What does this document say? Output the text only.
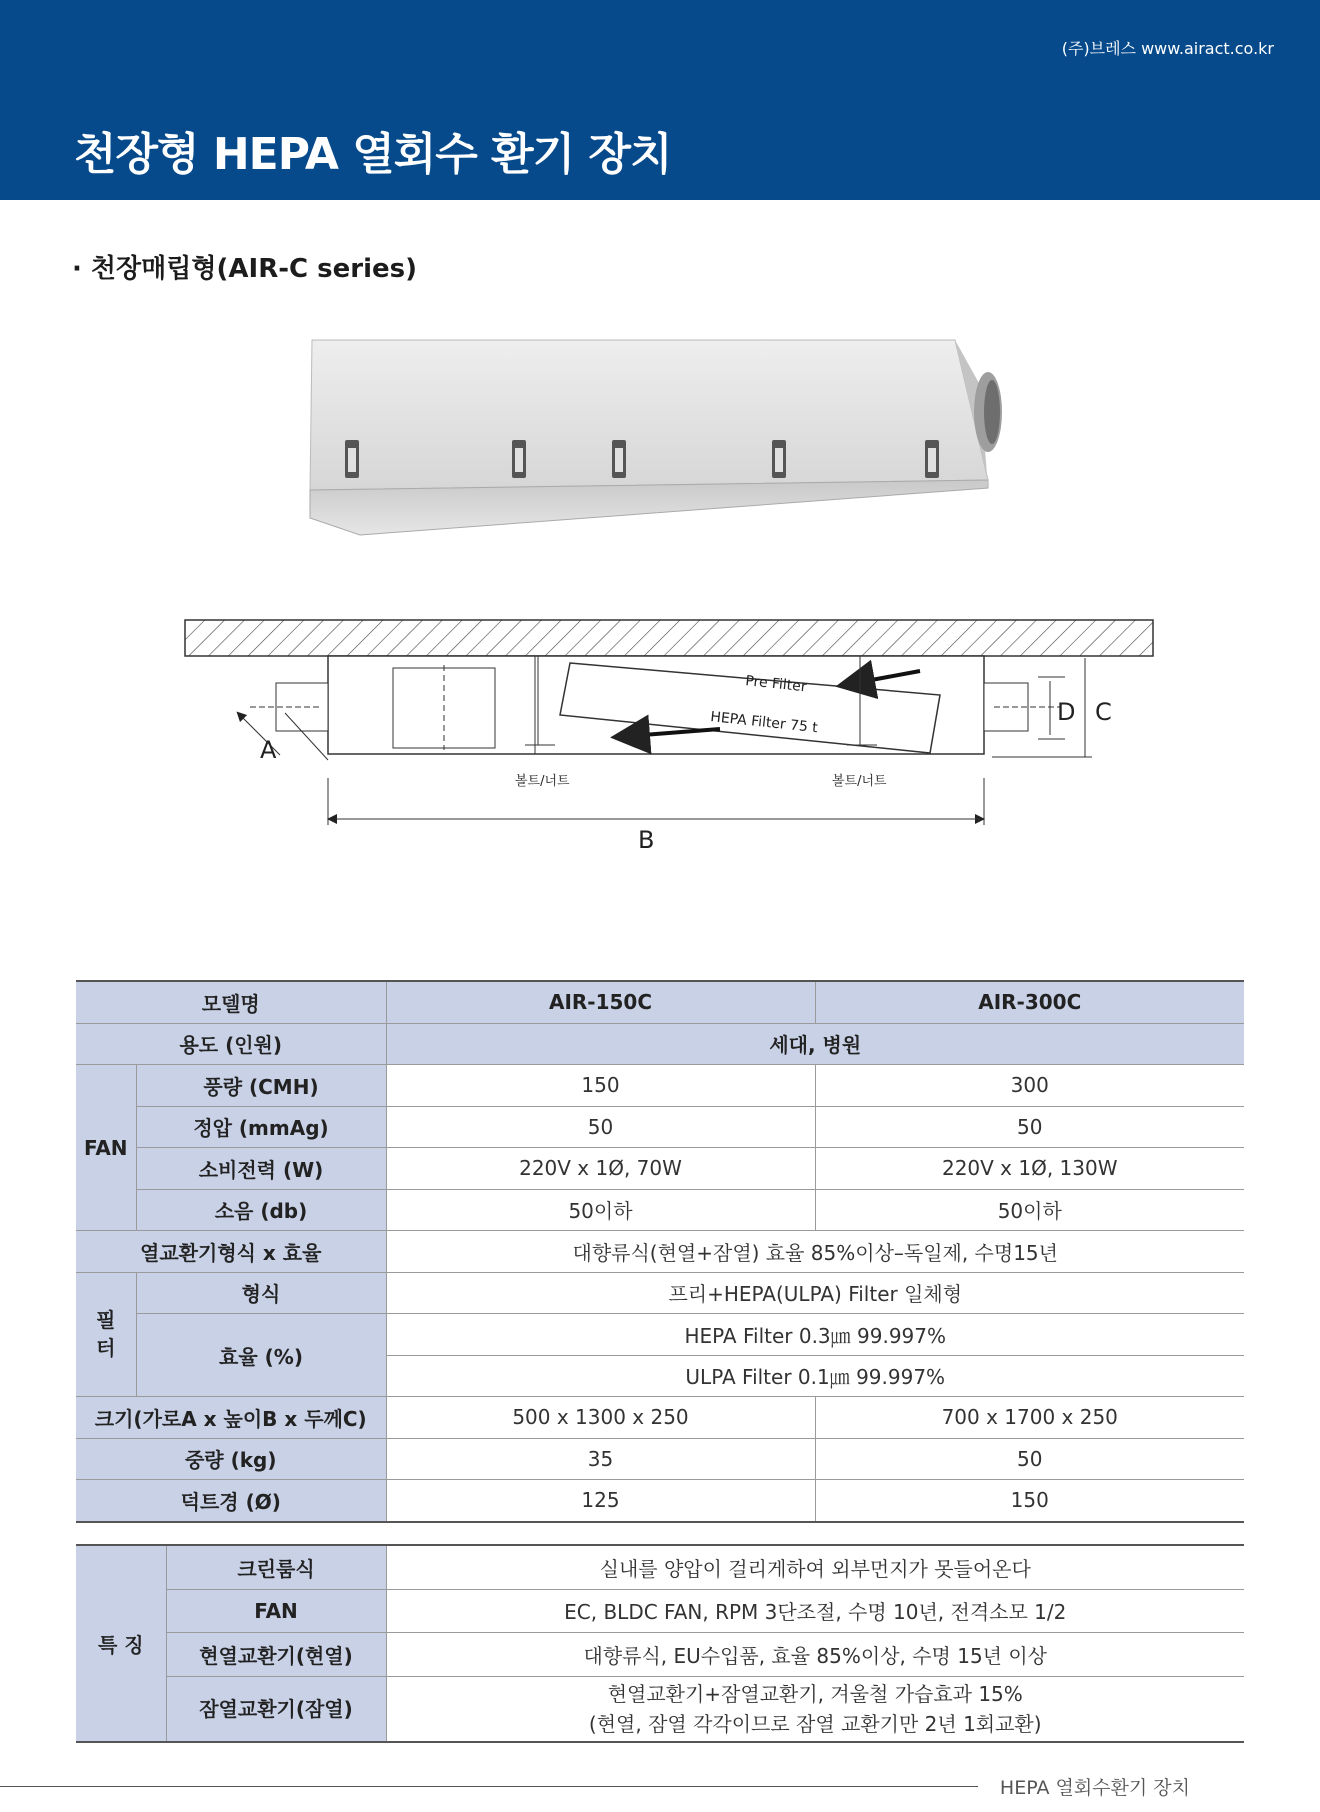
(주)브레스 www.airact.co.kr
천장형 HEPA 열회수 환기 장치
· 천장매립형(AIR-C series)
Pre Filter
HEPA Filter 75 t
볼트/너트	볼트/너트
A
B
D C
모델명		AIR-150C	AIR-300C
용도 (인원)		세대, 병원	
FAN	풍량 (CMH)	150	300
	정압 (mmAg)	50	50
	소비전력 (W)	220V x 1Ø, 70W	220V x 1Ø, 130W
	소음 (db)	50이하	50이하
열교환기형식 x 효율		대향류식(현열+잠열) 효율 85%이상–독일제, 수명15년	
필
터	형식	프리+HEPA(ULPA) Filter 일체형	
	효율 (%)	HEPA Filter 0.3㎛ 99.997%	
		ULPA Filter 0.1㎛ 99.997%	
크기(가로A x 높이B x 두께C)		500 x 1300 x 250	700 x 1700 x 250
중량 (kg)		35	50
덕트경 (Ø)		125	150
특 징	크린룸식	실내를 양압이 걸리게하여 외부먼지가 못들어온다
	FAN	EC, BLDC FAN, RPM 3단조절, 수명 10년, 전격소모 1/2
	현열교환기(현열)	대향류식, EU수입품, 효율 85%이상, 수명 15년 이상
	잠열교환기(잠열)	현열교환기+잠열교환기, 겨울철 가습효과 15%
(현열, 잠열 각각이므로 잠열 교환기만 2년 1회교환)
HEPA 열회수환기 장치
